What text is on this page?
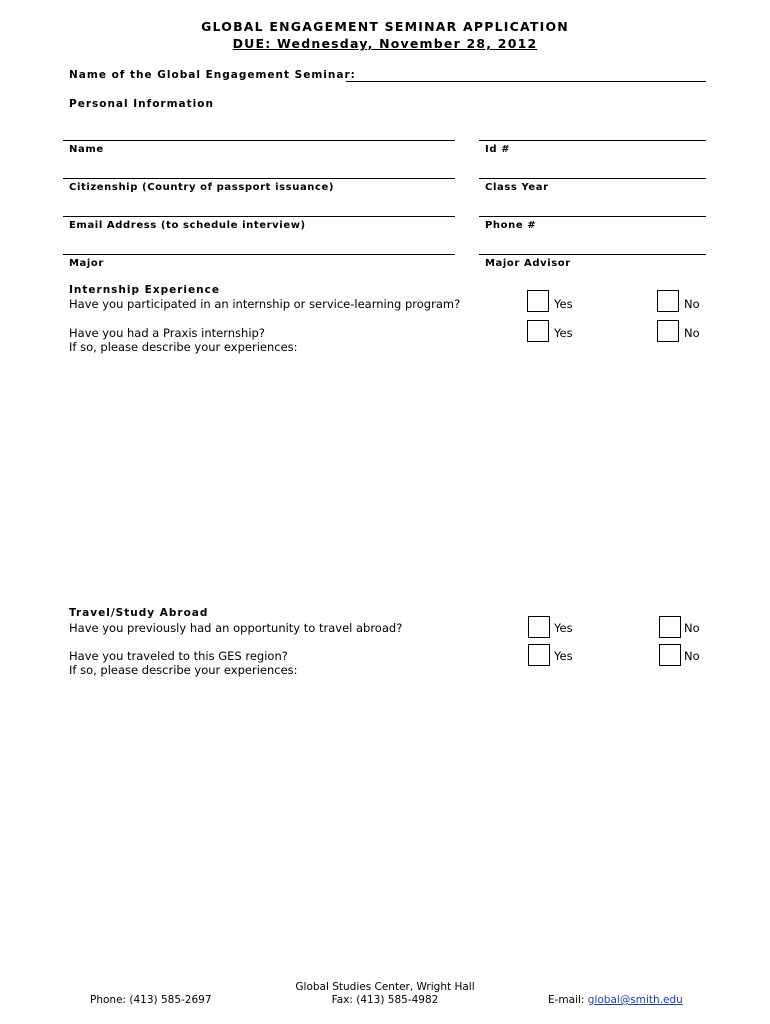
GLOBAL ENGAGEMENT SEMINAR APPLICATION
DUE: Wednesday, November 28, 2012
Name of the Global Engagement Seminar:
Personal Information
Name	Id #
Citizenship (Country of passport issuance)	Class Year
Email Address (to schedule interview)	Phone #
Major	Major Advisor
Internship Experience
Have you participated in an internship or service-learning program?	Yes	No
Have you had a Praxis internship?	Yes	No
If so, please describe your experiences:
Travel/Study Abroad
Have you previously had an opportunity to travel abroad?	Yes	No
Have you traveled to this GES region?	Yes	No
If so, please describe your experiences:
Global Studies Center, Wright Hall
Fax: (413) 585-4982
Phone: (413) 585-2697	E-mail: global@smith.edu
